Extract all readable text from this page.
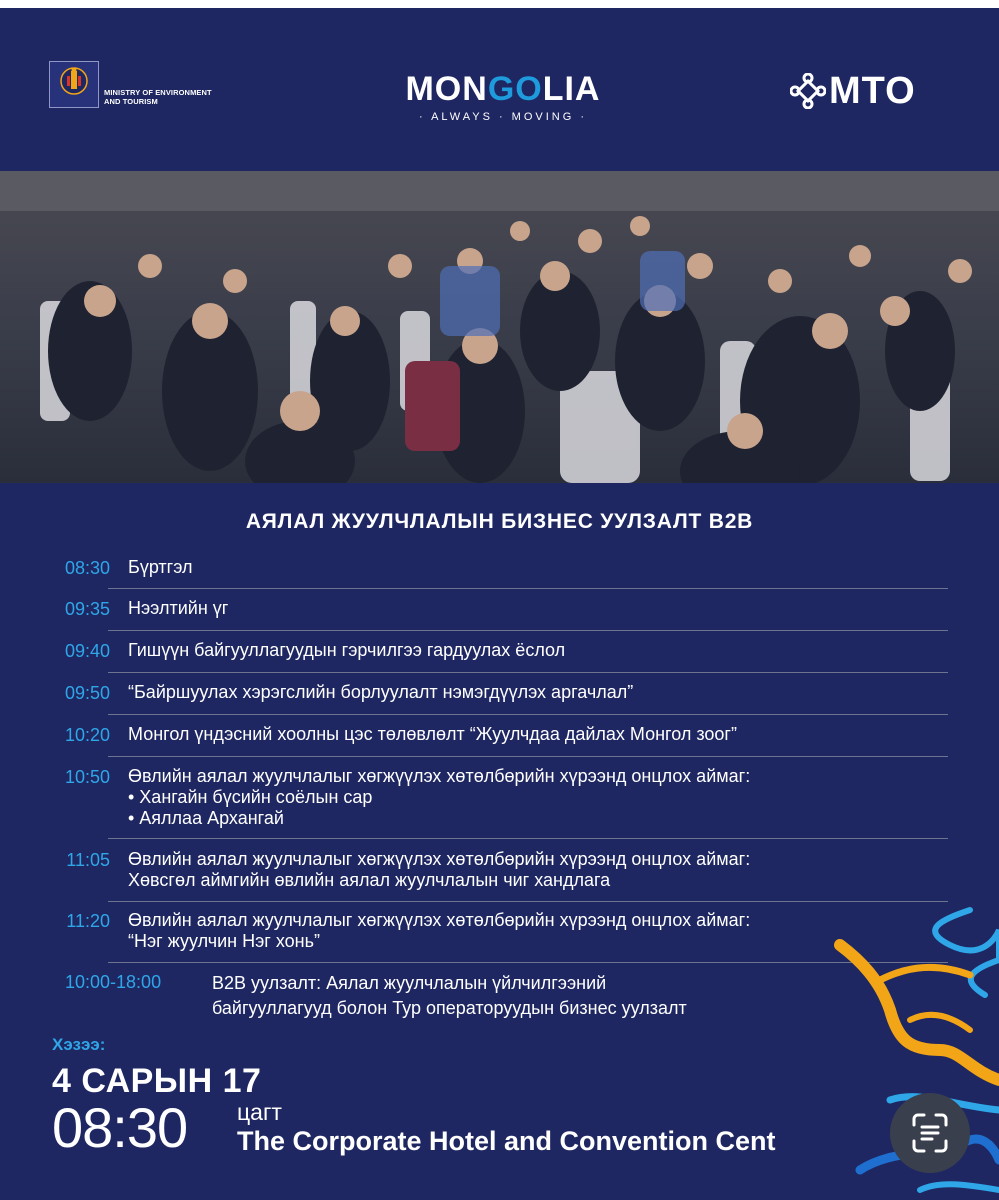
MINISTRY OF ENVIRONMENT
AND TOURISM	MONGOLIA
· ALWAYS · MOVING ·
MTO
АЯЛАЛ ЖУУЛЧЛАЛЫН БИЗНЕС УУЛЗАЛТ B2B
08:30 Бүртгэл
09:35 Нээлтийн үг
09:40 Гишүүн байгууллагуудын гэрчилгээ гардуулах ёслол
09:50 “Байршуулах хэрэгслийн борлуулалт нэмэгдүүлэх аргачлал”
10:20 Монгол үндэсний хоолны цэс төлөвлөлт “Жуулчдаа дайлах Монгол зоог”
10:50 Өвлийн аялал жуулчлалыг хөгжүүлэх хөтөлбөрийн хүрээнд онцлох аймаг:
• Хангайн бүсийн соёлын сар
• Аяллаа Архангай
11:05 Өвлийн аялал жуулчлалыг хөгжүүлэх хөтөлбөрийн хүрээнд онцлох аймаг:
Хөвсгөл аймгийн өвлийн аялал жуулчлалын чиг хандлага
11:20 Өвлийн аялал жуулчлалыг хөгжүүлэх хөтөлбөрийн хүрээнд онцлох аймаг:
“Нэг жуулчин Нэг хонь”
10:00-18:00	B2B уулзалт: Аялал жуулчлалын үйлчилгээний
байгууллагууд болон Тур операторуудын бизнес уулзалт
Хэзээ:
4 САРЫН 17
08:30 цагт
The Corporate Hotel and Convention Cent
